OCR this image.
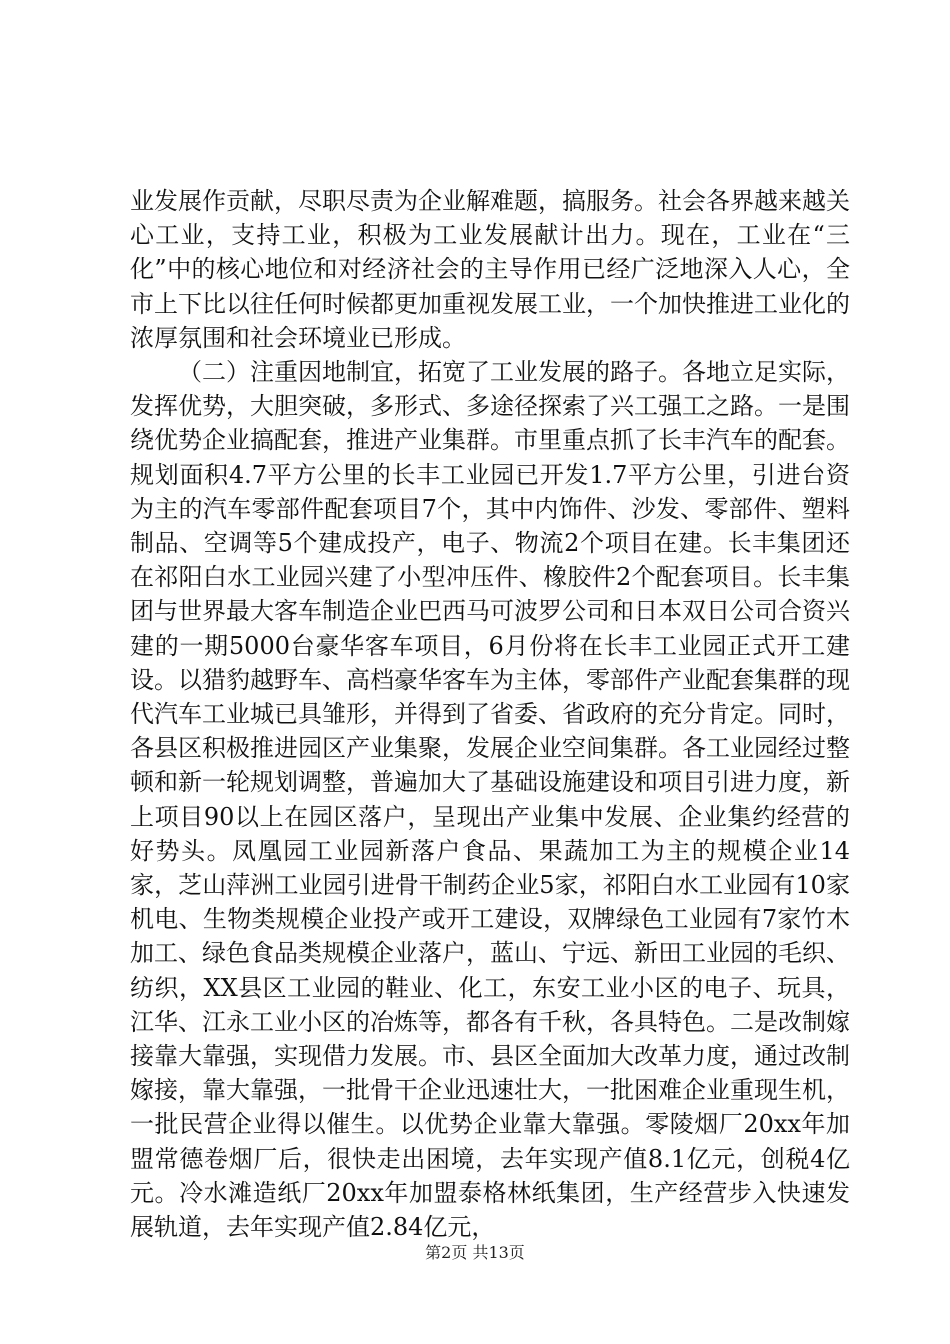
业发展作贡献，尽职尽责为企业解难题，搞服务。社会各界越来越关心工业，支持工业，积极为工业发展献计出力。现在，工业在“三化”中的核心地位和对经济社会的主导作用已经广泛地深入人心，全市上下比以往任何时候都更加重视发展工业，一个加快推进工业化的浓厚氛围和社会环境业已形成。

（二）注重因地制宜，拓宽了工业发展的路子。各地立足实际，发挥优势，大胆突破，多形式、多途径探索了兴工强工之路。一是围绕优势企业搞配套，推进产业集群。市里重点抓了长丰汽车的配套。规划面积4.7平方公里的长丰工业园已开发1.7平方公里，引进台资为主的汽车零部件配套项目7个，其中内饰件、沙发、零部件、塑料制品、空调等5个建成投产，电子、物流2个项目在建。长丰集团还在祁阳白水工业园兴建了小型冲压件、橡胶件2个配套项目。长丰集团与世界最大客车制造企业巴西马可波罗公司和日本双日公司合资兴建的一期5000台豪华客车项目，6月份将在长丰工业园正式开工建设。以猎豹越野车、高档豪华客车为主体，零部件产业配套集群的现代汽车工业城已具雏形，并得到了省委、省政府的充分肯定。同时，各县区积极推进园区产业集聚，发展企业空间集群。各工业园经过整顿和新一轮规划调整，普遍加大了基础设施建设和项目引进力度，新上项目90以上在园区落户，呈现出产业集中发展、企业集约经营的好势头。凤凰园工业园新落户食品、果蔬加工为主的规模企业14家，芝山萍洲工业园引进骨干制药企业5家，祁阳白水工业园有10家机电、生物类规模企业投产或开工建设，双牌绿色工业园有7家竹木加工、绿色食品类规模企业落户，蓝山、宁远、新田工业园的毛织、纺织，XX县区工业园的鞋业、化工，东安工业小区的电子、玩具，江华、江永工业小区的冶炼等，都各有千秋，各具特色。二是改制嫁接靠大靠强，实现借力发展。市、县区全面加大改革力度，通过改制嫁接，靠大靠强，一批骨干企业迅速壮大，一批困难企业重现生机，一批民营企业得以催生。以优势企业靠大靠强。零陵烟厂20xx年加盟常德卷烟厂后，很快走出困境，去年实现产值8.1亿元，创税4亿元。冷水滩造纸厂20xx年加盟泰格林纸集团，生产经营步入快速发展轨道，去年实现产值2.84亿元，

第2页 共13页
